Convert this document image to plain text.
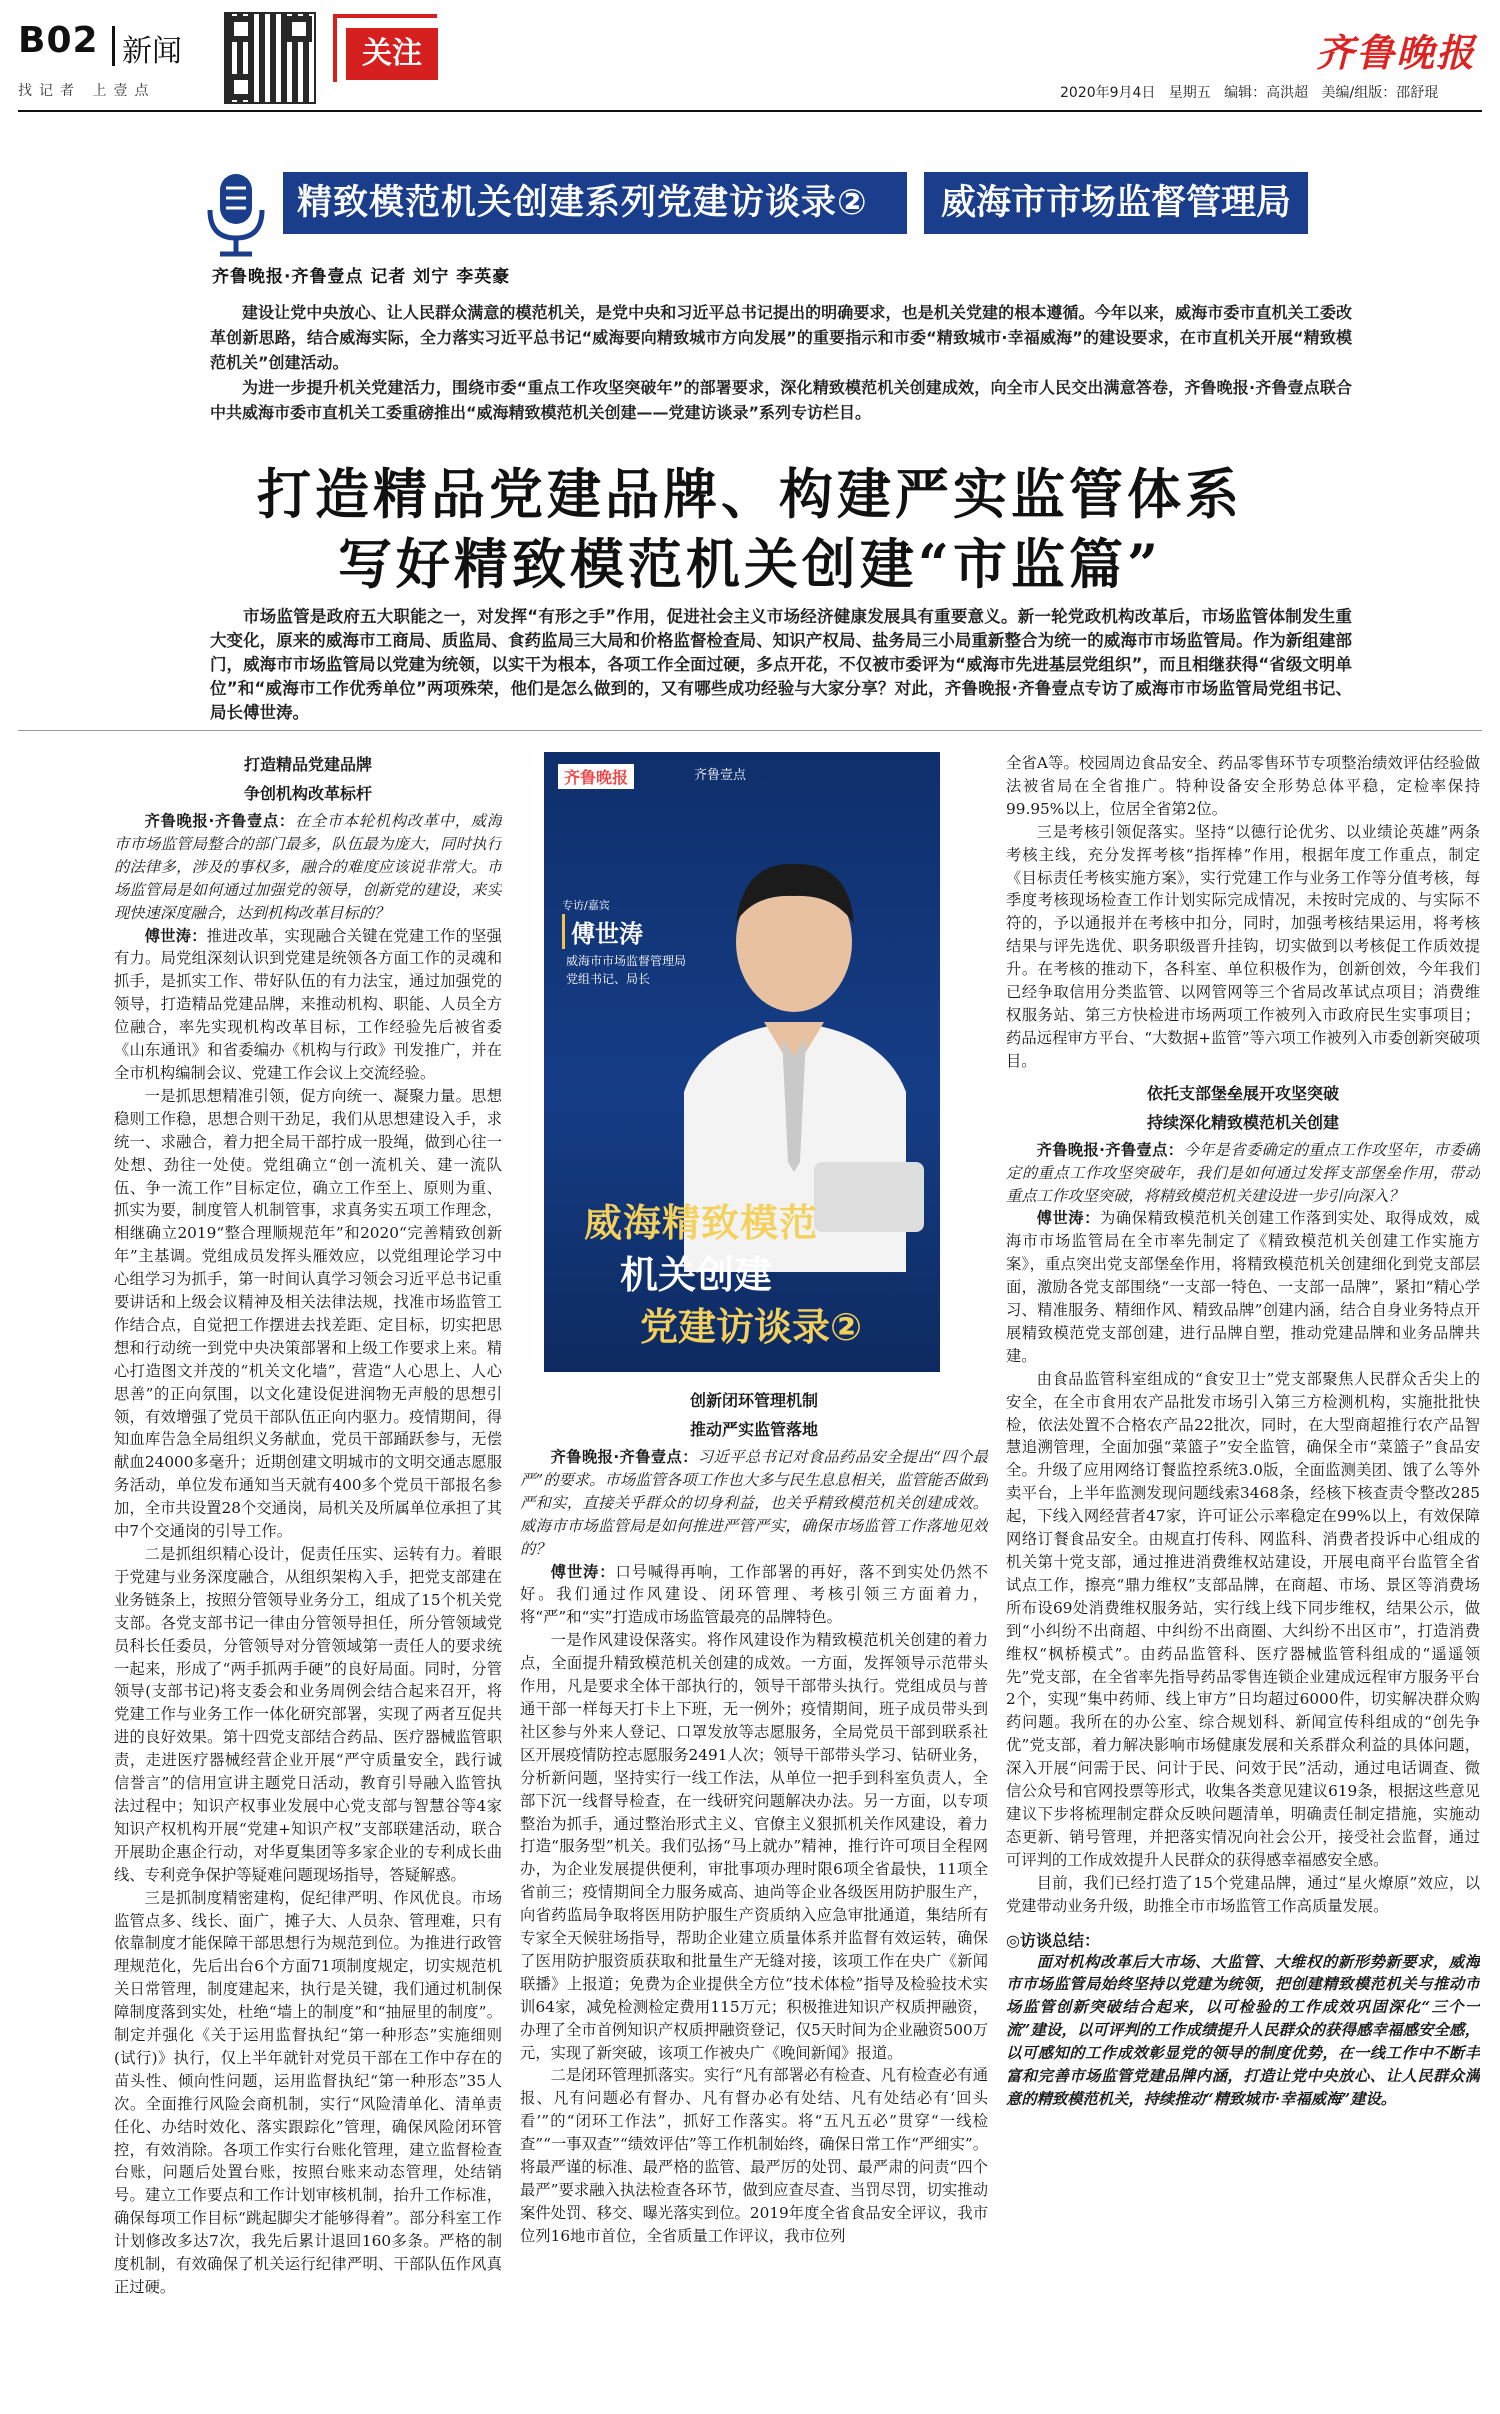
B02 新闻
找记者 上壹点
关注	齐鲁晚报
2020年9月4日   星期五   编辑：高洪超   美编/组版：邵舒琨
精致模范机关创建系列党建访谈录②	威海市市场监督管理局
齐鲁晚报·齐鲁壹点 记者 刘宁 李英豪

建设让党中央放心、让人民群众满意的模范机关，是党中央和习近平总书记提出的明确要求，也是机关党建的根本遵循。今年以来，威海市委市直机关工委改革创新思路，结合威海实际，全力落实习近平总书记“威海要向精致城市方向发展”的重要指示和市委“精致城市·幸福威海”的建设要求，在市直机关开展“精致模范机关”创建活动。

为进一步提升机关党建活力，围绕市委“重点工作攻坚突破年”的部署要求，深化精致模范机关创建成效，向全市人民交出满意答卷，齐鲁晚报·齐鲁壹点联合中共威海市委市直机关工委重磅推出“威海精致模范机关创建——党建访谈录”系列专访栏目。

打造精品党建品牌、构建严实监管体系
写好精致模范机关创建“市监篇”
市场监管是政府五大职能之一，对发挥“有形之手”作用，促进社会主义市场经济健康发展具有重要意义。新一轮党政机构改革后，市场监管体制发生重大变化，原来的威海市工商局、质监局、食药监局三大局和价格监督检查局、知识产权局、盐务局三小局重新整合为统一的威海市市场监管局。作为新组建部门，威海市市场监管局以党建为统领，以实干为根本，各项工作全面过硬，多点开花，不仅被市委评为“威海市先进基层党组织”，而且相继获得“省级文明单位”和“威海市工作优秀单位”两项殊荣，他们是怎么做到的，又有哪些成功经验与大家分享？对此，齐鲁晚报·齐鲁壹点专访了威海市市场监管局党组书记、局长傅世涛。
打造精品党建品牌
争创机构改革标杆

齐鲁晚报·齐鲁壹点：在全市本轮机构改革中，威海市市场监管局整合的部门最多，队伍最为庞大，同时执行的法律多，涉及的事权多，融合的难度应该说非常大。市场监管局是如何通过加强党的领导，创新党的建设，来实现快速深度融合，达到机构改革目标的？

傅世涛：推进改革，实现融合关键在党建工作的坚强有力。局党组深刻认识到党建是统领各方面工作的灵魂和抓手，是抓实工作、带好队伍的有力法宝，通过加强党的领导，打造精品党建品牌，来推动机构、职能、人员全方位融合，率先实现机构改革目标，工作经验先后被省委《山东通讯》和省委编办《机构与行政》刊发推广，并在全市机构编制会议、党建工作会议上交流经验。

一是抓思想精准引领，促方向统一、凝聚力量。思想稳则工作稳，思想合则干劲足，我们从思想建设入手，求统一、求融合，着力把全局干部拧成一股绳，做到心往一处想、劲往一处使。党组确立“创一流机关、建一流队伍、争一流工作”目标定位，确立工作至上、原则为重、抓实为要，制度管人机制管事，求真务实五项工作理念，相继确立2019“整合理顺规范年”和2020“完善精致创新年”主基调。党组成员发挥头雁效应，以党组理论学习中心组学习为抓手，第一时间认真学习领会习近平总书记重要讲话和上级会议精神及相关法律法规，找准市场监管工作结合点，自觉把工作摆进去找差距、定目标，切实把思想和行动统一到党中央决策部署和上级工作要求上来。精心打造图文并茂的“机关文化墙”，营造“人心思上、人心思善”的正向氛围，以文化建设促进润物无声般的思想引领，有效增强了党员干部队伍正向内驱力。疫情期间，得知血库告急全局组织义务献血，党员干部踊跃参与，无偿献血24000多毫升；近期创建文明城市的文明交通志愿服务活动，单位发布通知当天就有400多个党员干部报名参加，全市共设置28个交通岗，局机关及所属单位承担了其中7个交通岗的引导工作。

二是抓组织精心设计，促责任压实、运转有力。着眼于党建与业务深度融合，从组织架构入手，把党支部建在业务链条上，按照分管领导业务分工，组成了15个机关党支部。各党支部书记一律由分管领导担任，所分管领域党员科长任委员，分管领导对分管领域第一责任人的要求统一起来，形成了“两手抓两手硬”的良好局面。同时，分管领导(支部书记)将支委会和业务周例会结合起来召开，将党建工作与业务工作一体化研究部署，实现了两者互促共进的良好效果。第十四党支部结合药品、医疗器械监管职责，走进医疗器械经营企业开展“严守质量安全，践行诚信誉言”的信用宣讲主题党日活动，教育引导融入监管执法过程中；知识产权事业发展中心党支部与智慧谷等4家知识产权机构开展“党建+知识产权”支部联建活动，联合开展助企惠企行动，对华夏集团等多家企业的专利成长曲线、专利竞争保护等疑难问题现场指导，答疑解惑。

三是抓制度精密建构，促纪律严明、作风优良。市场监管点多、线长、面广，摊子大、人员杂、管理难，只有依靠制度才能保障干部思想行为规范到位。为推进行政管理规范化，先后出台6个方面71项制度规定，切实规范机关日常管理，制度建起来，执行是关键，我们通过机制保障制度落到实处，杜绝“墙上的制度”和“抽屉里的制度”。制定并强化《关于运用监督执纪“第一种形态”实施细则(试行)》执行，仅上半年就针对党员干部在工作中存在的苗头性、倾向性问题，运用监督执纪“第一种形态”35人次。全面推行风险会商机制，实行“风险清单化、清单责任化、办结时效化、落实跟踪化”管理，确保风险闭环管控，有效消除。各项工作实行台账化管理，建立监督检查台账，问题后处置台账，按照台账来动态管理，处结销号。建立工作要点和工作计划审核机制，抬升工作标准，确保每项工作目标“跳起脚尖才能够得着”。部分科室工作计划修改多达7次，我先后累计退回160多条。严格的制度机制，有效确保了机关运行纪律严明、干部队伍作风真正过硬。

齐鲁晚报	齐鲁壹点
专访/嘉宾
傅世涛
威海市市场监督管理局
党组书记、局长
威海精致模范
机关创建
党建访谈录②
创新闭环管理机制
推动严实监管落地

齐鲁晚报·齐鲁壹点：习近平总书记对食品药品安全提出“四个最严”的要求。市场监管各项工作也大多与民生息息相关，监管能否做到严和实，直接关乎群众的切身利益，也关乎精致模范机关创建成效。威海市市场监管局是如何推进严管严实，确保市场监管工作落地见效的？

傅世涛：口号喊得再响，工作部署的再好，落不到实处仍然不好。我们通过作风建设、闭环管理、考核引领三方面着力，将“严”和“实”打造成市场监管最亮的品牌特色。

一是作风建设保落实。将作风建设作为精致模范机关创建的着力点，全面提升精致模范机关创建的成效。一方面，发挥领导示范带头作用，凡是要求全体干部执行的，领导干部带头执行。党组成员与普通干部一样每天打卡上下班，无一例外；疫情期间，班子成员带头到社区参与外来人登记、口罩发放等志愿服务，全局党员干部到联系社区开展疫情防控志愿服务2491人次；领导干部带头学习、钻研业务，分析新问题，坚持实行一线工作法，从单位一把手到科室负责人，全部下沉一线督导检查，在一线研究问题解决办法。另一方面，以专项整治为抓手，通过整治形式主义、官僚主义狠抓机关作风建设，着力打造“服务型”机关。我们弘扬“马上就办”精神，推行许可项目全程网办，为企业发展提供便利，审批事项办理时限6项全省最快，11项全省前三；疫情期间全力服务威高、迪尚等企业各级医用防护服生产，向省药监局争取将医用防护服生产资质纳入应急审批通道，集结所有专家全天候驻场指导，帮助企业建立质量体系并监督有效运转，确保了医用防护服资质获取和批量生产无缝对接，该项工作在央广《新闻联播》上报道；免费为企业提供全方位“技术体检”指导及检验技术实训64家，减免检测检定费用115万元；积极推进知识产权质押融资，办理了全市首例知识产权质押融资登记，仅5天时间为企业融资500万元，实现了新突破，该项工作被央广《晚间新闻》报道。

二是闭环管理抓落实。实行“凡有部署必有检查、凡有检查必有通报、凡有问题必有督办、凡有督办必有处结、凡有处结必有‘回头看’”的“闭环工作法”，抓好工作落实。将“五凡五必”贯穿“一线检查”“一事双查”“绩效评估”等工作机制始终，确保日常工作“严细实”。将最严谨的标准、最严格的监管、最严厉的处罚、最严肃的问责“四个最严”要求融入执法检查各环节，做到应查尽查、当罚尽罚，切实推动案件处罚、移交、曝光落实到位。2019年度全省食品安全评议，我市位列16地市首位，全省质量工作评议，我市位列

全省A等。校园周边食品安全、药品零售环节专项整治绩效评估经验做法被省局在全省推广。特种设备安全形势总体平稳，定检率保持99.95%以上，位居全省第2位。

三是考核引领促落实。坚持“以德行论优劣、以业绩论英雄”两条考核主线，充分发挥考核“指挥棒”作用，根据年度工作重点，制定《目标责任考核实施方案》，实行党建工作与业务工作等分值考核，每季度考核现场检查工作计划实际完成情况，未按时完成的、与实际不符的，予以通报并在考核中扣分，同时，加强考核结果运用，将考核结果与评先选优、职务职级晋升挂钩，切实做到以考核促工作质效提升。在考核的推动下，各科室、单位积极作为，创新创效，今年我们已经争取信用分类监管、以网管网等三个省局改革试点项目；消费维权服务站、第三方快检进市场两项工作被列入市政府民生实事项目；药品远程审方平台、“大数据+监管”等六项工作被列入市委创新突破项目。

依托支部堡垒展开攻坚突破
持续深化精致模范机关创建

齐鲁晚报·齐鲁壹点：今年是省委确定的重点工作攻坚年，市委确定的重点工作攻坚突破年，我们是如何通过发挥支部堡垒作用，带动重点工作攻坚突破，将精致模范机关建设进一步引向深入？

傅世涛：为确保精致模范机关创建工作落到实处、取得成效，威海市市场监管局在全市率先制定了《精致模范机关创建工作实施方案》，重点突出党支部堡垒作用，将精致模范机关创建细化到党支部层面，激励各党支部围绕“一支部一特色、一支部一品牌”，紧扣“精心学习、精准服务、精细作风、精致品牌”创建内涵，结合自身业务特点开展精致模范党支部创建，进行品牌自塑，推动党建品牌和业务品牌共建。

由食品监管科室组成的“食安卫士”党支部聚焦人民群众舌尖上的安全，在全市食用农产品批发市场引入第三方检测机构，实施批批快检，依法处置不合格农产品22批次，同时，在大型商超推行农产品智慧追溯管理，全面加强“菜篮子”安全监管，确保全市“菜篮子”食品安全。升级了应用网络订餐监控系统3.0版，全面监测美团、饿了么等外卖平台，上半年监测发现问题线索3468条，经核下核查责令整改285起，下线入网经营者47家，许可证公示率稳定在99%以上，有效保障网络订餐食品安全。由规直打传科、网监科、消费者投诉中心组成的机关第十党支部，通过推进消费维权站建设，开展电商平台监管全省试点工作，擦亮“鼎力维权”支部品牌，在商超、市场、景区等消费场所布设69处消费维权服务站，实行线上线下同步维权，结果公示，做到“小纠纷不出商超、中纠纷不出商圈、大纠纷不出区市”，打造消费维权“枫桥模式”。由药品监管科、医疗器械监管科组成的“遥遥领先”党支部，在全省率先指导药品零售连锁企业建成远程审方服务平台2个，实现“集中药师、线上审方”日均超过6000件，切实解决群众购药问题。我所在的办公室、综合规划科、新闻宣传科组成的“创先争优”党支部，着力解决影响市场健康发展和关系群众利益的具体问题，深入开展“问需于民、问计于民、问效于民”活动，通过电话调查、微信公众号和官网投票等形式，收集各类意见建议619条，根据这些意见建议下步将梳理制定群众反映问题清单，明确责任制定措施，实施动态更新、销号管理，并把落实情况向社会公开，接受社会监督，通过可评判的工作成效提升人民群众的获得感幸福感安全感。

目前，我们已经打造了15个党建品牌，通过“星火燎原”效应，以党建带动业务升级，助推全市市场监管工作高质量发展。

◎访谈总结：

面对机构改革后大市场、大监管、大维权的新形势新要求，威海市市场监管局始终坚持以党建为统领，把创建精致模范机关与推动市场监管创新突破结合起来，以可检验的工作成效巩固深化“三个一流”建设，以可评判的工作成绩提升人民群众的获得感幸福感安全感，以可感知的工作成效彰显党的领导的制度优势，在一线工作中不断丰富和完善市场监管党建品牌内涵，打造让党中央放心、让人民群众满意的精致模范机关，持续推动“精致城市·幸福威海”建设。
